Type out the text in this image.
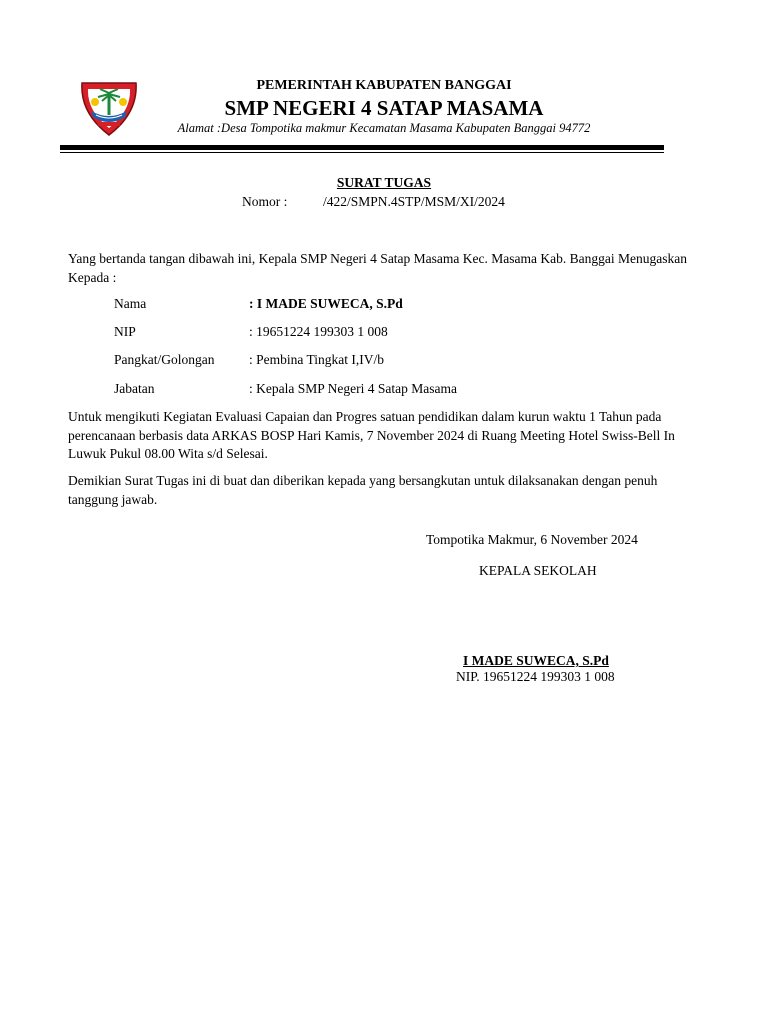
PEMERINTAH KABUPATEN BANGGAI
SMP NEGERI 4 SATAP MASAMA
Alamat :Desa Tompotika makmur Kecamatan Masama Kabupaten Banggai 94772
SURAT TUGAS
Nomor :	/422/SMPN.4STP/MSM/XI/2024
Yang bertanda tangan dibawah ini, Kepala SMP Negeri 4 Satap Masama Kec. Masama Kab. Banggai Menugaskan Kepada :
Nama	: I MADE SUWECA, S.Pd
NIP	: 19651224 199303 1 008
Pangkat/Golongan	: Pembina Tingkat I,IV/b
Jabatan	: Kepala SMP Negeri 4 Satap Masama
Untuk mengikuti Kegiatan Evaluasi Capaian dan Progres satuan pendidikan dalam kurun waktu 1 Tahun pada perencanaan berbasis data ARKAS BOSP Hari Kamis, 7 November 2024 di Ruang Meeting Hotel Swiss-Bell In Luwuk Pukul 08.00 Wita s/d Selesai.
Demikian Surat Tugas ini di buat dan diberikan kepada yang bersangkutan untuk dilaksanakan dengan penuh tanggung jawab.
Tompotika Makmur, 6 November 2024
KEPALA SEKOLAH
I MADE SUWECA, S.Pd
NIP. 19651224 199303 1 008
